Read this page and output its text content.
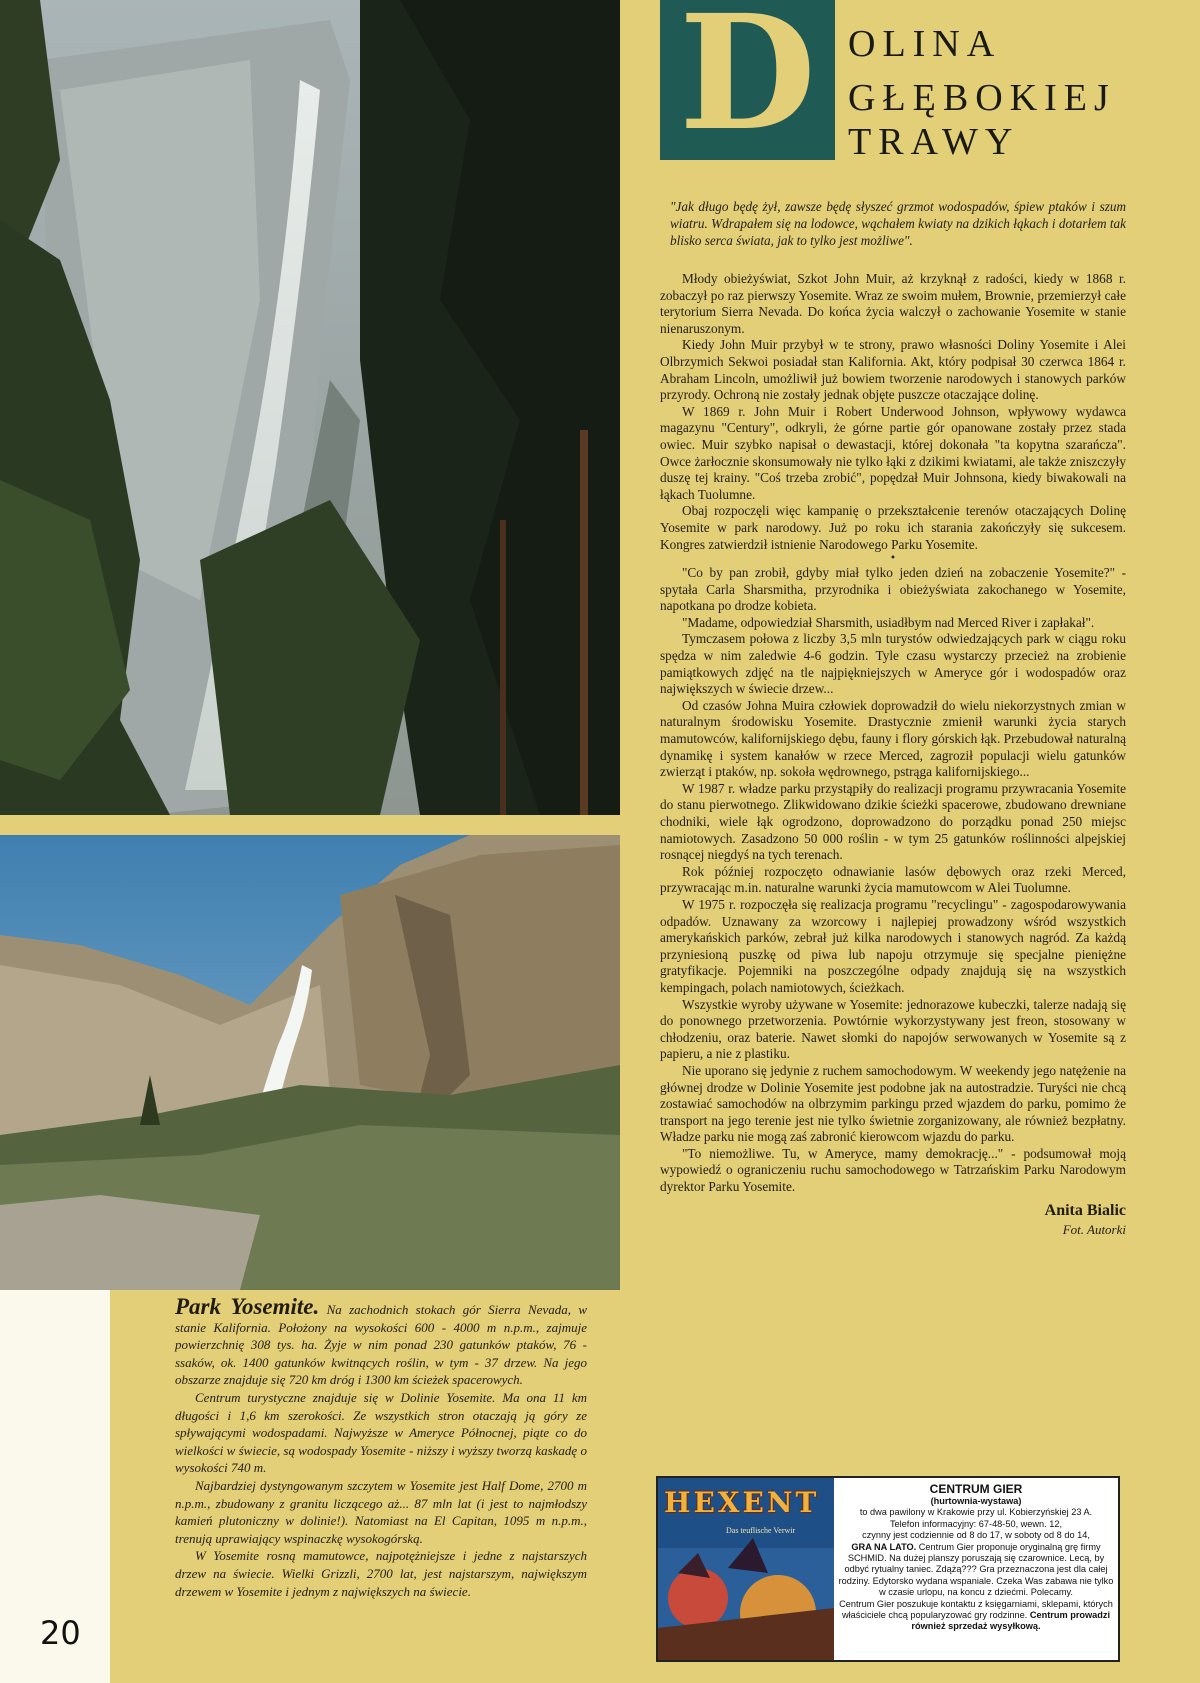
D OLINA
GŁĘBOKIEJ
TRAWY

"Jak długo będę żył, zawsze będę słyszeć grzmot wodospadów, śpiew ptaków i szum wiatru. Wdrapałem się na lodowce, wąchałem kwiaty na dzikich łąkach i dotarłem tak blisko serca świata, jak to tylko jest możliwe".

Młody obieżyświat, Szkot John Muir, aż krzyknął z radości, kiedy w 1868 r. zobaczył po raz pierwszy Yosemite. Wraz ze swoim mułem, Brownie, przemierzył całe terytorium Sierra Nevada. Do końca życia walczył o zachowanie Yosemite w stanie nienaruszonym.

Kiedy John Muir przybył w te strony, prawo własności Doliny Yosemite i Alei Olbrzymich Sekwoi posiadał stan Kalifornia. Akt, który podpisał 30 czerwca 1864 r. Abraham Lincoln, umożliwił już bowiem tworzenie narodowych i stanowych parków przyrody. Ochroną nie zostały jednak objęte puszcze otaczające dolinę.

W 1869 r. John Muir i Robert Underwood Johnson, wpływowy wydawca magazynu "Century", odkryli, że górne partie gór opanowane zostały przez stada owiec. Muir szybko napisał o dewastacji, której dokonała "ta kopytna szarańcza". Owce żarłocznie skonsumowały nie tylko łąki z dzikimi kwiatami, ale także zniszczyły duszę tej krainy. "Coś trzeba zrobić", popędzał Muir Johnsona, kiedy biwakowali na łąkach Tuolumne.

Obaj rozpoczęli więc kampanię o przekształcenie terenów otaczających Dolinę Yosemite w park narodowy. Już po roku ich starania zakończyły się sukcesem. Kongres zatwierdził istnienie Narodowego Parku Yosemite.

•

"Co by pan zrobił, gdyby miał tylko jeden dzień na zobaczenie Yosemite?" - spytała Carla Sharsmitha, przyrodnika i obieżyświata zakochanego w Yosemite, napotkana po drodze kobieta.

"Madame, odpowiedział Sharsmith, usiadłbym nad Merced River i zapłakał".

Tymczasem połowa z liczby 3,5 mln turystów odwiedzających park w ciągu roku spędza w nim zaledwie 4-6 godzin. Tyle czasu wystarczy przecież na zrobienie pamiątkowych zdjęć na tle najpiękniejszych w Ameryce gór i wodospadów oraz największych w świecie drzew...

Od czasów Johna Muira człowiek doprowadził do wielu niekorzystnych zmian w naturalnym środowisku Yosemite. Drastycznie zmienił warunki życia starych mamutowców, kalifornijskiego dębu, fauny i flory górskich łąk. Przebudował naturalną dynamikę i system kanałów w rzece Merced, zagroził populacji wielu gatunków zwierząt i ptaków, np. sokoła wędrownego, pstrąga kalifornijskiego...

W 1987 r. władze parku przystąpiły do realizacji programu przywracania Yosemite do stanu pierwotnego. Zlikwidowano dzikie ścieżki spacerowe, zbudowano drewniane chodniki, wiele łąk ogrodzono, doprowadzono do porządku ponad 250 miejsc namiotowych. Zasadzono 50 000 roślin - w tym 25 gatunków roślinności alpejskiej rosnącej niegdyś na tych terenach.

Rok później rozpoczęto odnawianie lasów dębowych oraz rzeki Merced, przywracając m.in. naturalne warunki życia mamutowcom w Alei Tuolumne.

W 1975 r. rozpoczęła się realizacja programu "recyclingu" - zagospodarowywania odpadów. Uznawany za wzorcowy i najlepiej prowadzony wśród wszystkich amerykańskich parków, zebrał już kilka narodowych i stanowych nagród. Za każdą przyniesioną puszkę od piwa lub napoju otrzymuje się specjalne pieniężne gratyfikacje. Pojemniki na poszczególne odpady znajdują się na wszystkich kempingach, polach namiotowych, ścieżkach.

Wszystkie wyroby używane w Yosemite: jednorazowe kubeczki, talerze nadają się do ponownego przetworzenia. Powtórnie wykorzystywany jest freon, stosowany w chłodzeniu, oraz baterie. Nawet słomki do napojów serwowanych w Yosemite są z papieru, a nie z plastiku.

Nie uporano się jedynie z ruchem samochodowym. W weekendy jego natężenie na głównej drodze w Dolinie Yosemite jest podobne jak na autostradzie. Turyści nie chcą zostawiać samochodów na olbrzymim parkingu przed wjazdem do parku, pomimo że transport na jego terenie jest nie tylko świetnie zorganizowany, ale również bezpłatny. Władze parku nie mogą zaś zabronić kierowcom wjazdu do parku.

"To niemożliwe. Tu, w Ameryce, mamy demokrację..." - podsumował moją wypowiedź o ograniczeniu ruchu samochodowego w Tatrzańskim Parku Narodowym dyrektor Parku Yosemite.

Anita Bialic

Fot. Autorki

Park Yosemite. Na zachodnich stokach gór Sierra Nevada, w stanie Kalifornia. Położony na wysokości 600 - 4000 m n.p.m., zajmuje powierzchnię 308 tys. ha. Żyje w nim ponad 230 gatunków ptaków, 76 - ssaków, ok. 1400 gatunków kwitnących roślin, w tym - 37 drzew. Na jego obszarze znajduje się 720 km dróg i 1300 km ścieżek spacerowych.

Centrum turystyczne znajduje się w Dolinie Yosemite. Ma ona 11 km długości i 1,6 km szerokości. Ze wszystkich stron otaczają ją góry ze spływającymi wodospadami. Najwyższe w Ameryce Północnej, piąte co do wielkości w świecie, są wodospady Yosemite - niższy i wyższy tworzą kaskadę o wysokości 740 m.

Najbardziej dystyngowanym szczytem w Yosemite jest Half Dome, 2700 m n.p.m., zbudowany z granitu liczącego aż... 87 mln lat (i jest to najmłodszy kamień plutoniczny w dolinie!). Natomiast na El Capitan, 1095 m n.p.m., trenują uprawiający wspinaczkę wysokogórską.

W Yosemite rosną mamutowce, najpotężniejsze i jedne z najstarszych drzew na świecie. Wielki Grizzli, 2700 lat, jest najstarszym, największym drzewem w Yosemite i jednym z największych na świecie.

20
HEXENT
Das teuflische Verwir
CENTRUM GIER
(hurtownia-wystawa)
to dwa pawilony w Krakowie przy ul. Kobierzyńskiej 23 A.
Telefon informacyjny: 67-48-50, wewn. 12,
czynny jest codziennie od 8 do 17, w soboty od 8 do 14,
GRA NA LATO. Centrum Gier proponuje oryginalną grę firmy SCHMID. Na dużej planszy poruszają się czarownice. Lecą, by odbyć rytualny taniec. Zdążą??? Gra przeznaczona jest dla całej rodziny. Edytorsko wydana wspaniale. Czeka Was zabawa nie tylko w czasie urlopu, na koncu z dziećmi. Polecamy.
Centrum Gier poszukuje kontaktu z księgarniami, sklepami, których właściciele chcą popularyzować gry rodzinne. Centrum prowadzi również sprzedaż wysyłkową.
